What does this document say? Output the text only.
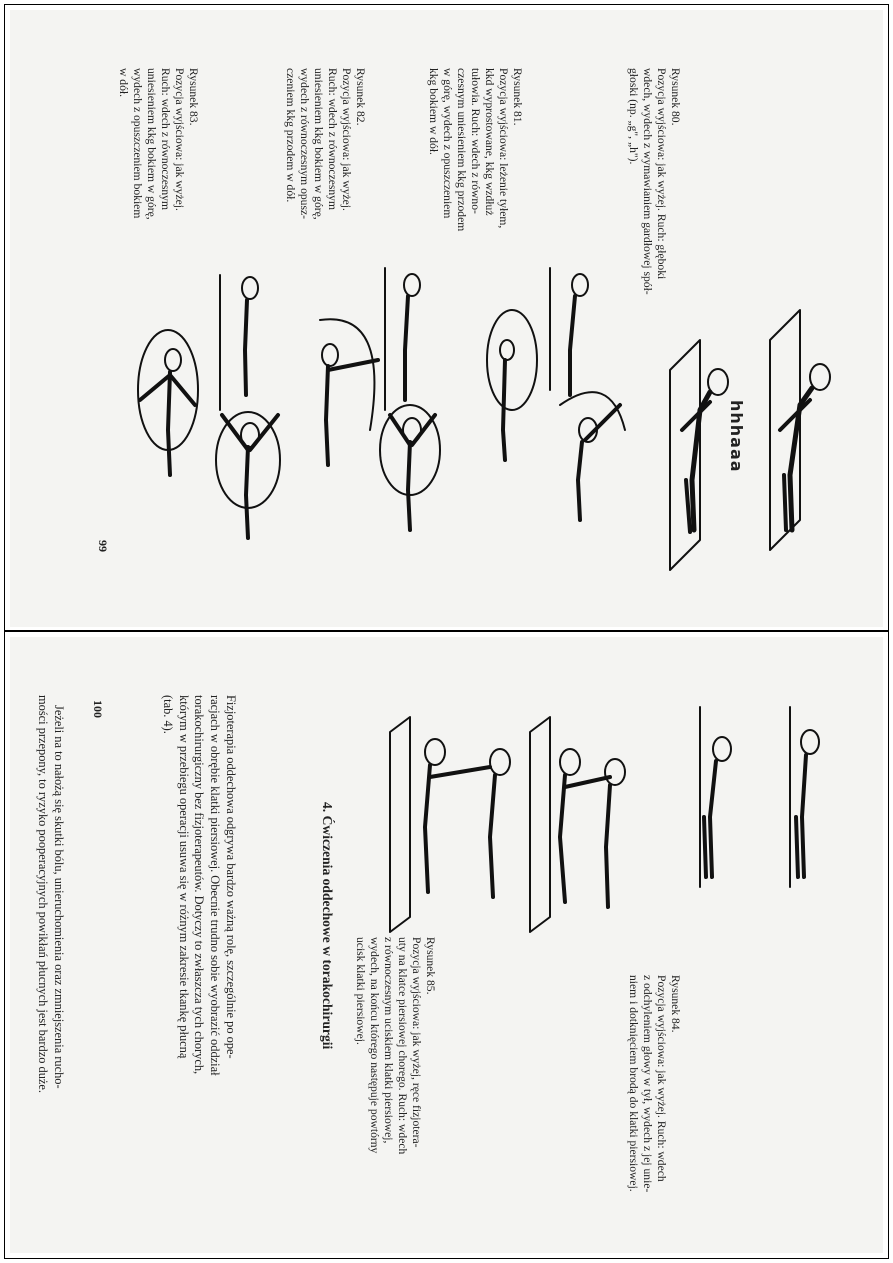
Rysunek 80.
Pozycja wyjściowa: jak wyżej. Ruch: głęboki
wdech, wydech z wymawianiem gardłowej spół-
głoski (np. „g", „h").

Rysunek 81.
Pozycja wyjściowa: leżenie tyłem,
kkd wyprostowane, kkg wzdłuż
tułowia. Ruch: wdech z równo-
czesnym uniesieniem kkg przodem
w górę, wydech z opuszczeniem
kkg bokiem w dół.

Rysunek 82.
Pozycja wyjściowa: jak wyżej.
Ruch: wdech z równoczesnym
uniesieniem kkg bokiem w górę,
wydech z równoczesnym opusz-
czeniem kkg przodem w dół.

Rysunek 83.
Pozycja wyjściowa: jak wyżej.
Ruch: wdech z równoczesnym
uniesieniem kkg bokiem w górę,
wydech z opuszczeniem bokiem
w dół.

99
hhhaaa

Rysunek 84.
Pozycja wyjściowa: jak wyżej. Ruch: wdech
z odchyleniem głowy w tył, wydech z jej unie-
niem i dotknięciem brodą do klatki piersiowej.

Rysunek 85.
Pozycja wyjściowa: jak wyżej, ręce fizjotera-
uty na klatce piersiowej chorego. Ruch: wdech
z równoczesnym uciskiem klatki piersiowej,
wydech, na końcu którego następuje powtórny
ucisk klatki piersiowej.

4. Ćwiczenia oddechowe w torakochirurgii

Fizjoterapia oddechowa odgrywa bardzo ważną rolę, szczególnie po ope-
racjach w obrębie klatki piersiowej. Obecnie trudno sobie wyobrazić oddział
torakochirurgiczny bez fizjoterapeutów. Dotyczy to zwłaszcza tych chorych,
którym w przebiegu operacji usuwa się w różnym zakresie tkankę płucną
(tab. 4).

Jeżeli na to nałożą się skutki bólu, unieruchomienia oraz zmniejszenia rucho-
mości przepony, to ryzyko pooperacyjnych powikłań płucnych jest bardzo duże.

	100
